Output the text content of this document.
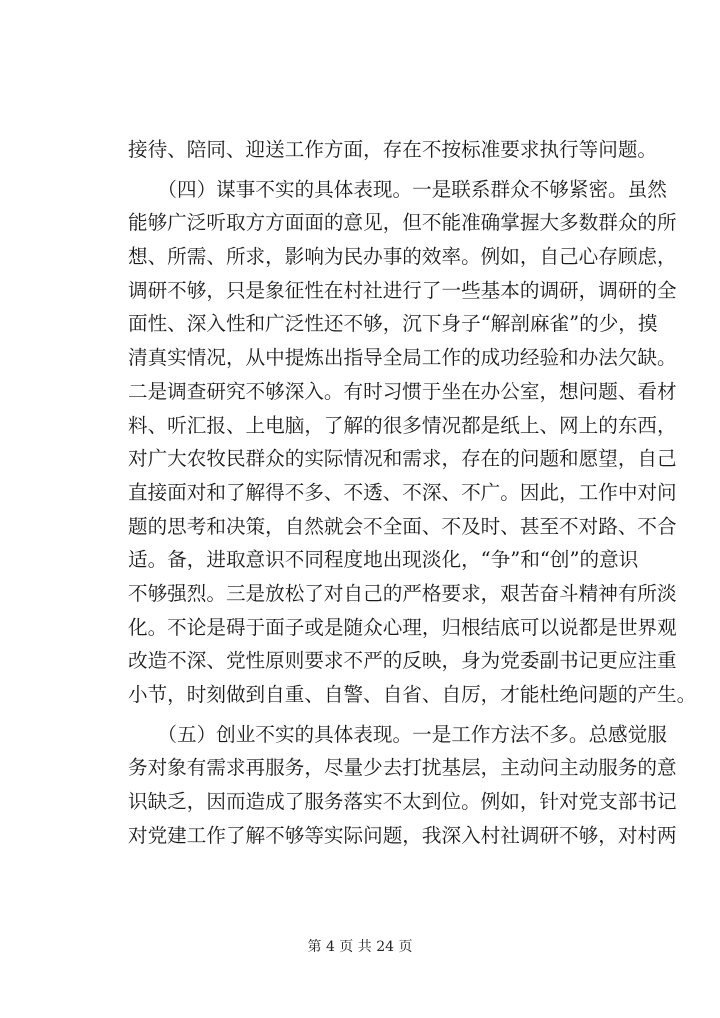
接待、陪同、迎送工作方面，存在不按标准要求执行等问题。
　　（四）谋事不实的具体表现。一是联系群众不够紧密。虽然
能够广泛听取方方面面的意见，但不能准确掌握大多数群众的所
想、所需、所求，影响为民办事的效率。例如，自己心存顾虑，
调研不够，只是象征性在村社进行了一些基本的调研，调研的全
面性、深入性和广泛性还不够，沉下身子“解剖麻雀”的少，摸
清真实情况，从中提炼出指导全局工作的成功经验和办法欠缺。
二是调查研究不够深入。有时习惯于坐在办公室，想问题、看材
料、听汇报、上电脑，了解的很多情况都是纸上、网上的东西，
对广大农牧民群众的实际情况和需求，存在的问题和愿望，自己
直接面对和了解得不多、不透、不深、不广。因此，工作中对问
题的思考和决策，自然就会不全面、不及时、甚至不对路、不合
适。备，进取意识不同程度地出现淡化，“争”和“创”的意识
不够强烈。三是放松了对自己的严格要求，艰苦奋斗精神有所淡
化。不论是碍于面子或是随众心理，归根结底可以说都是世界观
改造不深、党性原则要求不严的反映，身为党委副书记更应注重
小节，时刻做到自重、自警、自省、自厉，才能杜绝问题的产生。
　　（五）创业不实的具体表现。一是工作方法不多。总感觉服
务对象有需求再服务，尽量少去打扰基层，主动问主动服务的意
识缺乏，因而造成了服务落实不太到位。例如，针对党支部书记
对党建工作了解不够等实际问题，我深入村社调研不够，对村两
第 4 页 共 24 页
